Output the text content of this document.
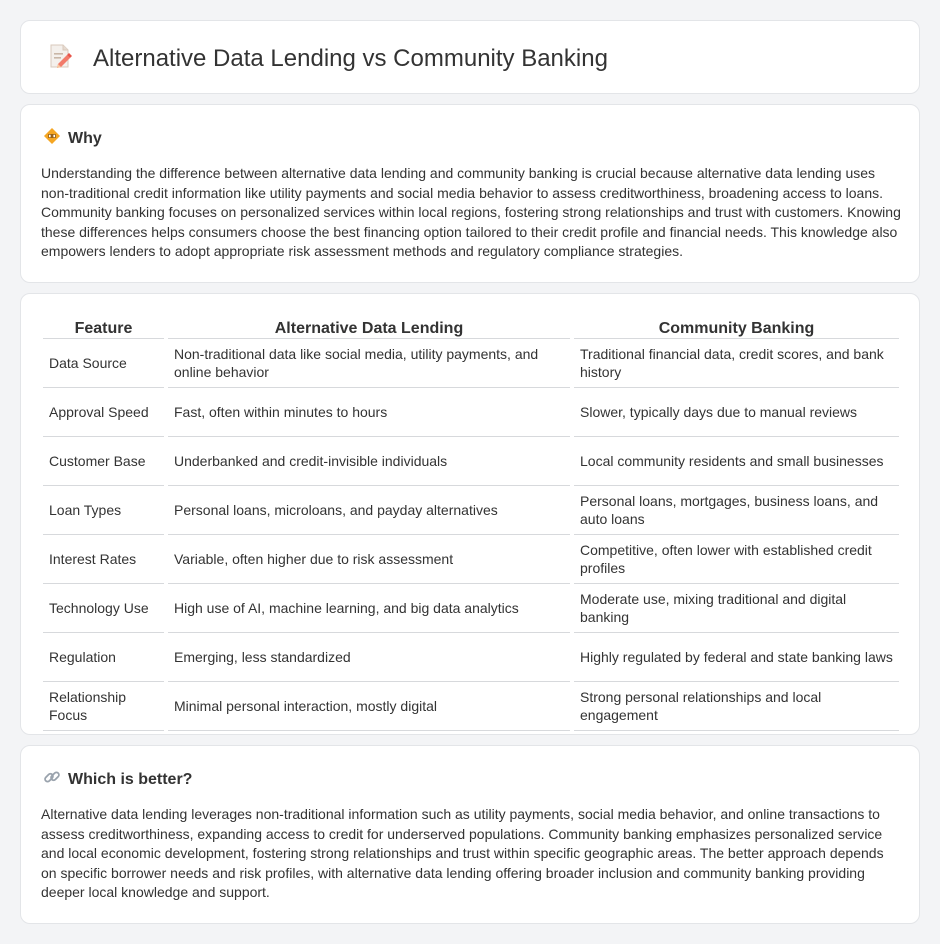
Alternative Data Lending vs Community Banking
Why

Understanding the difference between alternative data lending and community banking is crucial because alternative data lending uses non-traditional credit information like utility payments and social media behavior to assess creditworthiness, broadening access to loans. Community banking focuses on personalized services within local regions, fostering strong relationships and trust with customers. Knowing these differences helps consumers choose the best financing option tailored to their credit profile and financial needs. This knowledge also empowers lenders to adopt appropriate risk assessment methods and regulatory compliance strategies.

Feature	Alternative Data Lending	Community Banking
Data Source	Non-traditional data like social media, utility payments, and online behavior	Traditional financial data, credit scores, and bank history
Approval Speed	Fast, often within minutes to hours	Slower, typically days due to manual reviews
Customer Base	Underbanked and credit-invisible individuals	Local community residents and small businesses
Loan Types	Personal loans, microloans, and payday alternatives	Personal loans, mortgages, business loans, and auto loans
Interest Rates	Variable, often higher due to risk assessment	Competitive, often lower with established credit profiles
Technology Use	High use of AI, machine learning, and big data analytics	Moderate use, mixing traditional and digital banking
Regulation	Emerging, less standardized	Highly regulated by federal and state banking laws
Relationship Focus	Minimal personal interaction, mostly digital	Strong personal relationships and local engagement
Which is better?

Alternative data lending leverages non-traditional information such as utility payments, social media behavior, and online transactions to assess creditworthiness, expanding access to credit for underserved populations. Community banking emphasizes personalized service and local economic development, fostering strong relationships and trust within specific geographic areas. The better approach depends on specific borrower needs and risk profiles, with alternative data lending offering broader inclusion and community banking providing deeper local knowledge and support.
